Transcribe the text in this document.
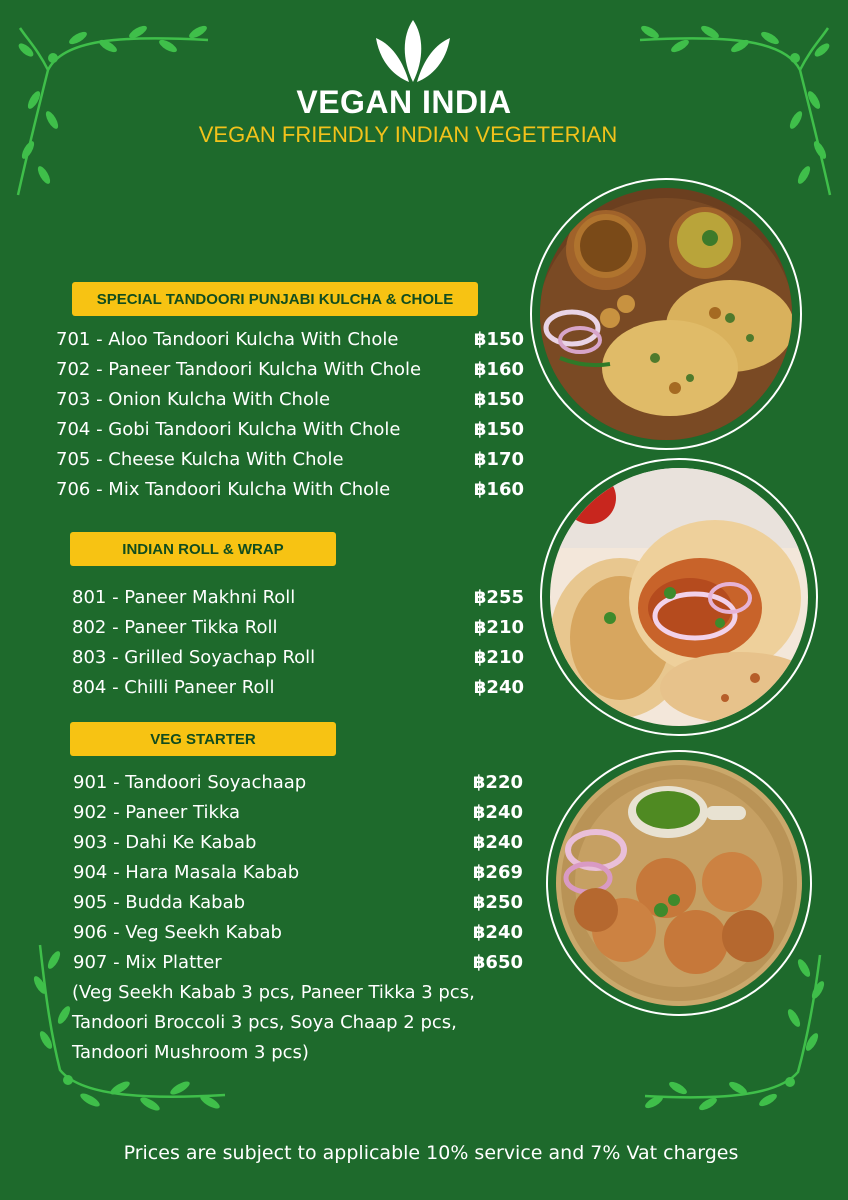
VEGAN INDIA
VEGAN FRIENDLY INDIAN VEGETERIAN
SPECIAL TANDOORI PUNJABI KULCHA & CHOLE
701 - Aloo Tandoori Kulcha With Chole	฿150
702 - Paneer Tandoori Kulcha With Chole	฿160
703 - Onion Kulcha With Chole	฿150
704 - Gobi Tandoori Kulcha With Chole	฿150
705 - Cheese Kulcha With Chole	฿170
706 - Mix Tandoori Kulcha With Chole	฿160
INDIAN ROLL & WRAP
801 - Paneer Makhni Roll	฿255
802 - Paneer Tikka Roll	฿210
803 - Grilled Soyachap Roll	฿210
804 - Chilli Paneer Roll	฿240
VEG STARTER
901 - Tandoori Soyachaap	฿220
902 - Paneer Tikka	฿240
903 - Dahi Ke Kabab	฿240
904 - Hara Masala Kabab	฿269
905 - Budda Kabab	฿250
906 - Veg Seekh Kabab	฿240
907 - Mix Platter	฿650
(Veg Seekh Kabab 3 pcs, Paneer Tikka 3 pcs, Tandoori Broccoli 3 pcs, Soya Chaap 2 pcs, Tandoori Mushroom 3 pcs)
Prices are subject to applicable 10% service and 7% Vat charges
